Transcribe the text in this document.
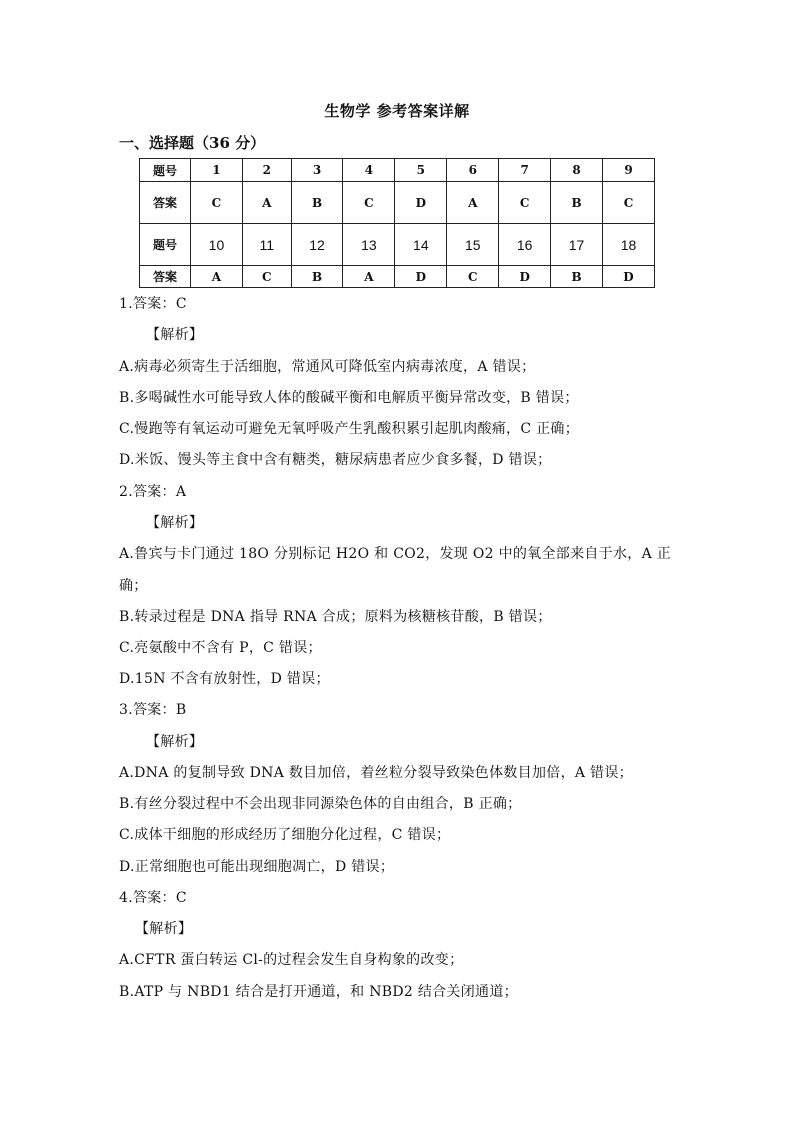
生物学 参考答案详解
一、选择题（36 分）
题号	1	2	3	4	5	6	7	8	9
答案	C	A	B	C	D	A	C	B	C
题号	10	11	12	13	14	15	16	17	18
答案	A	C	B	A	D	C	D	B	D
1.答案：C
【解析】
A.病毒必须寄生于活细胞，常通风可降低室内病毒浓度，A 错误；
B.多喝碱性水可能导致人体的酸碱平衡和电解质平衡异常改变，B 错误；
C.慢跑等有氧运动可避免无氧呼吸产生乳酸积累引起肌肉酸痛，C 正确；
D.米饭、馒头等主食中含有糖类，糖尿病患者应少食多餐，D 错误；
2.答案：A
【解析】
A.鲁宾与卡门通过 18O 分别标记 H2O 和 CO2，发现 O2 中的氧全部来自于水，A 正
确；
B.转录过程是 DNA 指导 RNA 合成；原料为核糖核苷酸，B 错误；
C.亮氨酸中不含有 P，C 错误；
D.15N 不含有放射性，D 错误；
3.答案：B
【解析】
A.DNA 的复制导致 DNA 数目加倍，着丝粒分裂导致染色体数目加倍，A 错误；
B.有丝分裂过程中不会出现非同源染色体的自由组合，B 正确；
C.成体干细胞的形成经历了细胞分化过程，C 错误；
D.正常细胞也可能出现细胞凋亡，D 错误；
4.答案：C
【解析】
A.CFTR 蛋白转运 Cl-的过程会发生自身构象的改变；
B.ATP 与 NBD1 结合是打开通道，和 NBD2 结合关闭通道；
